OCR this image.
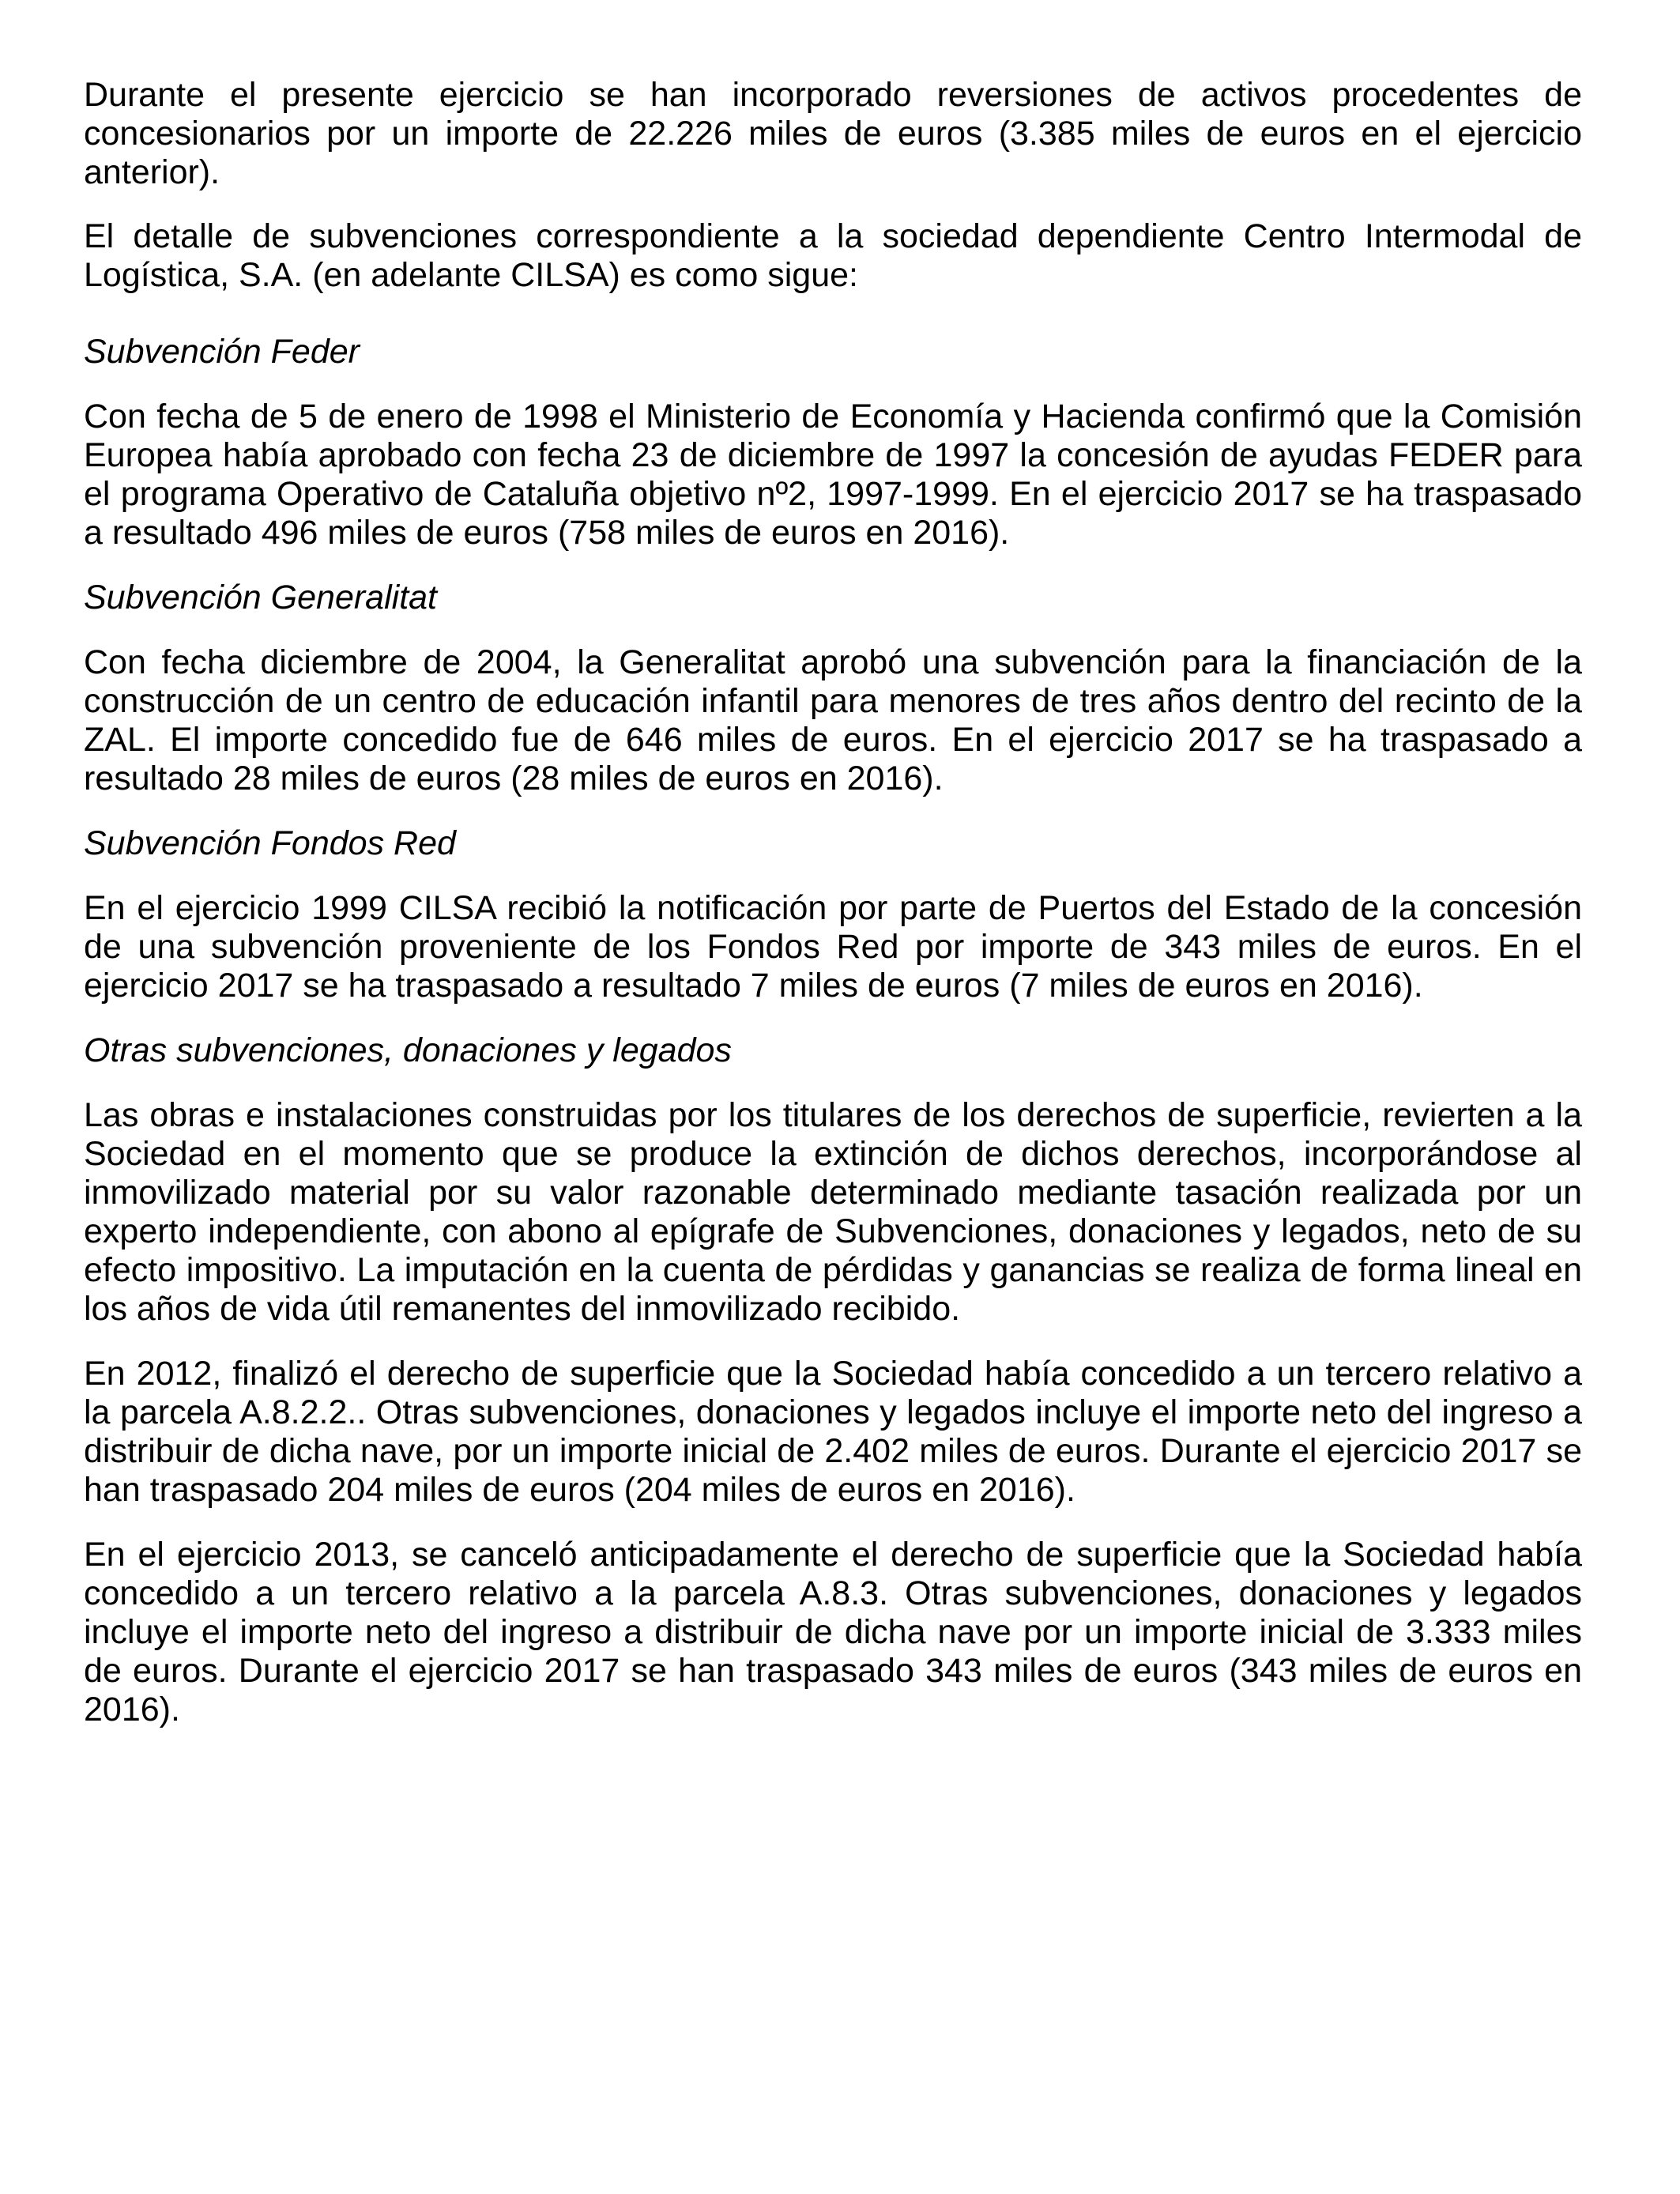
Durante el presente ejercicio se han incorporado reversiones de activos procedentes de concesionarios por un importe de 22.226 miles de euros (3.385 miles de euros en el ejercicio anterior).

El detalle de subvenciones correspondiente a la sociedad dependiente Centro Intermodal de Logística, S.A. (en adelante CILSA) es como sigue:

Subvención Feder

Con fecha de 5 de enero de 1998 el Ministerio de Economía y Hacienda confirmó que la Comisión Europea había aprobado con fecha 23 de diciembre de 1997 la concesión de ayudas FEDER para el programa Operativo de Cataluña objetivo nº2, 1997-1999. En el ejercicio 2017 se ha traspasado a resultado 496 miles de euros (758 miles de euros en 2016).

Subvención Generalitat

Con fecha diciembre de 2004, la Generalitat aprobó una subvención para la financiación de la construcción de un centro de educación infantil para menores de tres años dentro del recinto de la ZAL. El importe concedido fue de 646 miles de euros. En el ejercicio 2017 se ha traspasado a resultado 28 miles de euros (28 miles de euros en 2016).

Subvención Fondos Red

En el ejercicio 1999 CILSA recibió la notificación por parte de Puertos del Estado de la concesión de una subvención proveniente de los Fondos Red por importe de 343 miles de euros. En el ejercicio 2017 se ha traspasado a resultado 7 miles de euros (7 miles de euros en 2016).

Otras subvenciones, donaciones y legados

Las obras e instalaciones construidas por los titulares de los derechos de superficie, revierten a la Sociedad en el momento que se produce la extinción de dichos derechos, incorporándose al inmovilizado material por su valor razonable determinado mediante tasación realizada por un experto independiente, con abono al epígrafe de Subvenciones, donaciones y legados, neto de su efecto impositivo. La imputación en la cuenta de pérdidas y ganancias se realiza de forma lineal en los años de vida útil remanentes del inmovilizado recibido.

En 2012, finalizó el derecho de superficie que la Sociedad había concedido a un tercero relativo a la parcela A.8.2.2.. Otras subvenciones, donaciones y legados incluye el importe neto del ingreso a distribuir de dicha nave, por un importe inicial de 2.402 miles de euros. Durante el ejercicio 2017 se han traspasado 204 miles de euros (204 miles de euros en 2016).

En el ejercicio 2013, se canceló anticipadamente el derecho de superficie que la Sociedad había concedido a un tercero relativo a la parcela A.8.3. Otras subvenciones, donaciones y legados incluye el importe neto del ingreso a distribuir de dicha nave por un importe inicial de 3.333 miles de euros. Durante el ejercicio 2017 se han traspasado 343 miles de euros (343 miles de euros en 2016).
